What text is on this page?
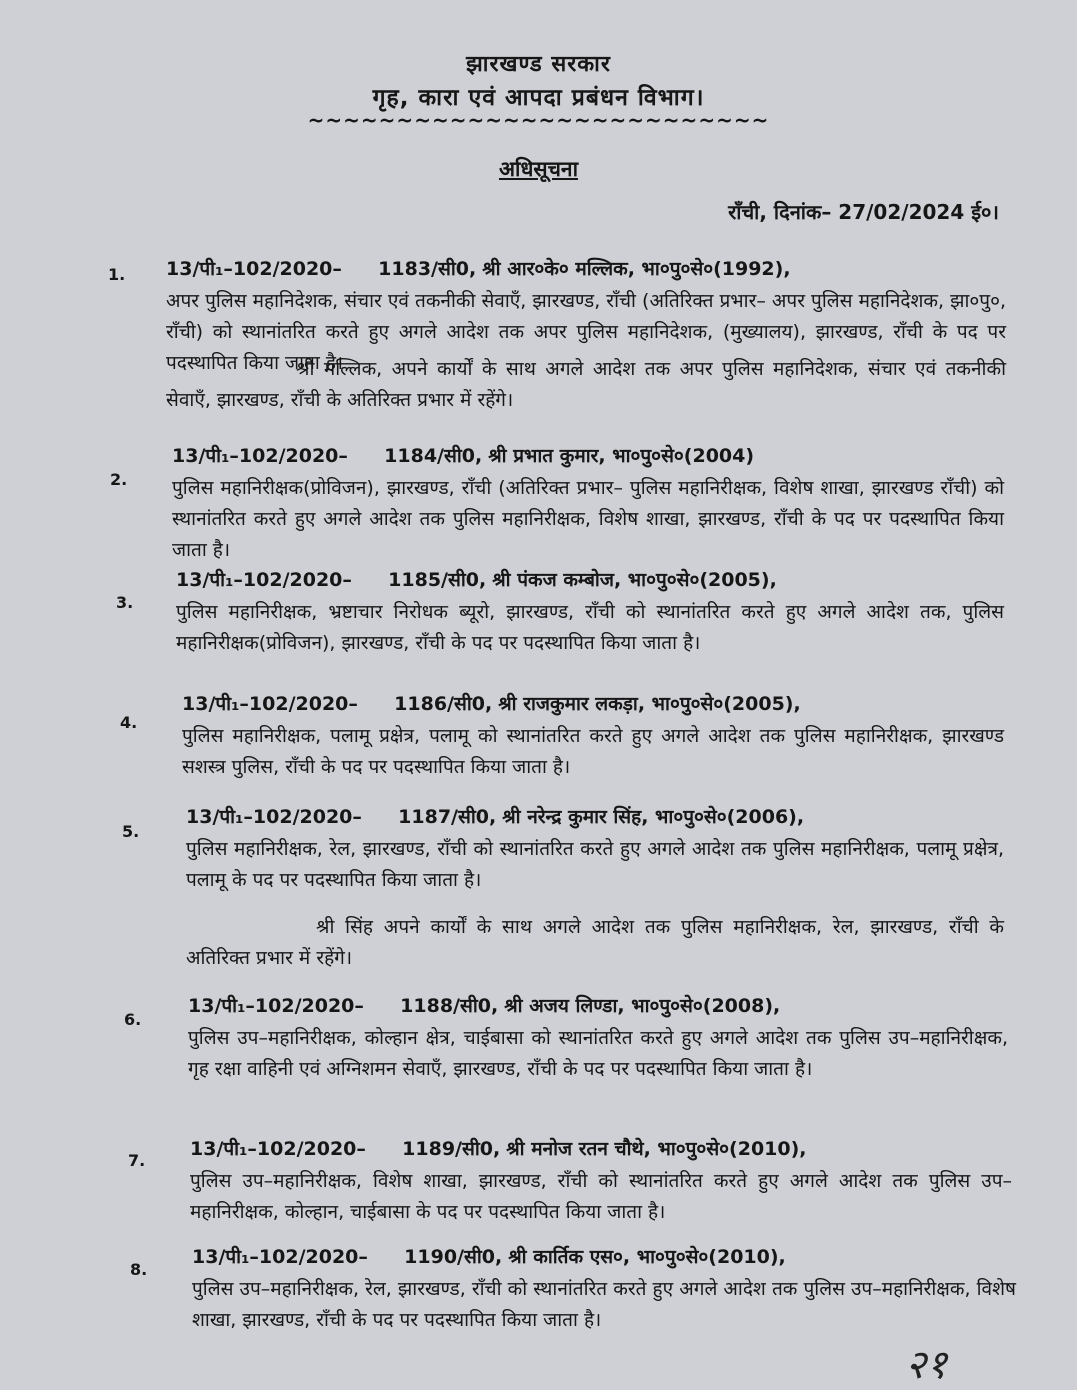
झारखण्ड सरकार
गृह, कारा एवं आपदा प्रबंधन विभाग।
~~~~~~~~~~~~~~~~~~~~~~~~~~
अधिसूचना
राँची, दिनांक– 27/02/2024 ई०।
1. 13/पी₁–102/2020– 1183/सी0, श्री आर०के० मल्लिक, भा०पु०से०(1992),
अपर पुलिस महानिदेशक, संचार एवं तकनीकी सेवाएँ, झारखण्ड, राँची (अतिरिक्त प्रभार– अपर पुलिस महानिदेशक, झा०पु०, राँची) को स्थानांतरित करते हुए अगले आदेश तक अपर पुलिस महानिदेशक, (मुख्यालय), झारखण्ड, राँची के पद पर पदस्थापित किया जाता है।
श्री मल्लिक, अपने कार्यों के साथ अगले आदेश तक अपर पुलिस महानिदेशक, संचार एवं तकनीकी सेवाएँ, झारखण्ड, राँची के अतिरिक्त प्रभार में रहेंगे।
2.
13/पी₁–102/2020– 1184/सी0, श्री प्रभात कुमार, भा०पु०से०(2004)
पुलिस महानिरीक्षक(प्रोविजन), झारखण्ड, राँची (अतिरिक्त प्रभार– पुलिस महानिरीक्षक, विशेष शाखा, झारखण्ड राँची) को स्थानांतरित करते हुए अगले आदेश तक पुलिस महानिरीक्षक, विशेष शाखा, झारखण्ड, राँची के पद पर पदस्थापित किया जाता है।
3.
13/पी₁–102/2020– 1185/सी0, श्री पंकज कम्बोज, भा०पु०से०(2005),
पुलिस महानिरीक्षक, भ्रष्टाचार निरोधक ब्यूरो, झारखण्ड, राँची को स्थानांतरित करते हुए अगले आदेश तक, पुलिस महानिरीक्षक(प्रोविजन), झारखण्ड, राँची के पद पर पदस्थापित किया जाता है।
4.
13/पी₁–102/2020– 1186/सी0, श्री राजकुमार लकड़ा, भा०पु०से०(2005),
पुलिस महानिरीक्षक, पलामू प्रक्षेत्र, पलामू को स्थानांतरित करते हुए अगले आदेश तक पुलिस महानिरीक्षक, झारखण्ड सशस्त्र पुलिस, राँची के पद पर पदस्थापित किया जाता है।
5.
13/पी₁–102/2020– 1187/सी0, श्री नरेन्द्र कुमार सिंह, भा०पु०से०(2006),
पुलिस महानिरीक्षक, रेल, झारखण्ड, राँची को स्थानांतरित करते हुए अगले आदेश तक पुलिस महानिरीक्षक, पलामू प्रक्षेत्र, पलामू के पद पर पदस्थापित किया जाता है।
श्री सिंह अपने कार्यों के साथ अगले आदेश तक पुलिस महानिरीक्षक, रेल, झारखण्ड, राँची के अतिरिक्त प्रभार में रहेंगे।
6.
13/पी₁–102/2020– 1188/सी0, श्री अजय लिण्डा, भा०पु०से०(2008),
पुलिस उप–महानिरीक्षक, कोल्हान क्षेत्र, चाईबासा को स्थानांतरित करते हुए अगले आदेश तक पुलिस उप–महानिरीक्षक, गृह रक्षा वाहिनी एवं अग्निशमन सेवाएँ, झारखण्ड, राँची के पद पर पदस्थापित किया जाता है।
7.
13/पी₁–102/2020– 1189/सी0, श्री मनोज रतन चौथे, भा०पु०से०(2010),
पुलिस उप–महानिरीक्षक, विशेष शाखा, झारखण्ड, राँची को स्थानांतरित करते हुए अगले आदेश तक पुलिस उप– महानिरीक्षक, कोल्हान, चाईबासा के पद पर पदस्थापित किया जाता है।
8.
13/पी₁–102/2020– 1190/सी0, श्री कार्तिक एस०, भा०पु०से०(2010),
पुलिस उप–महानिरीक्षक, रेल, झारखण्ड, राँची को स्थानांतरित करते हुए अगले आदेश तक पुलिस उप–महानिरीक्षक, विशेष शाखा, झारखण्ड, राँची के पद पर पदस्थापित किया जाता है।
२१
